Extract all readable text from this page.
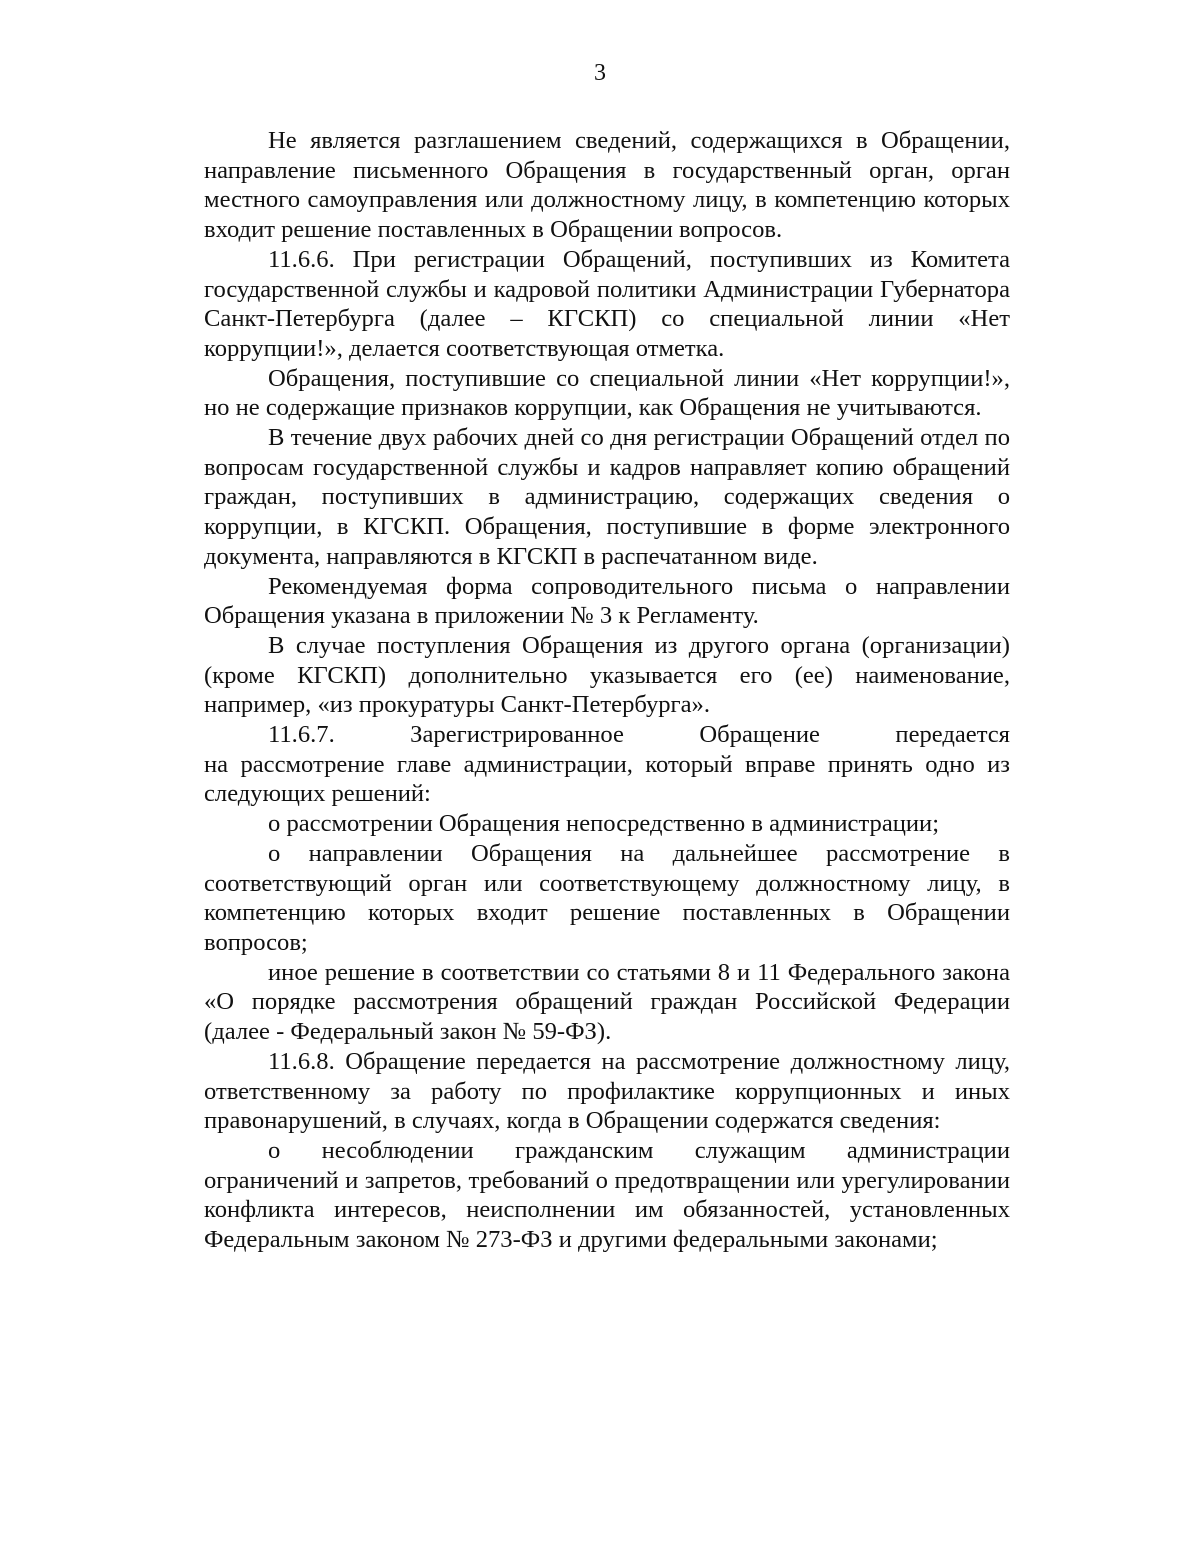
3

Не является разглашением сведений, содержащихся в Обращении, направление письменного Обращения в государственный орган, орган местного самоуправления или должностному лицу, в компетенцию которых входит решение поставленных в Обращении вопросов.

11.6.6. При регистрации Обращений, поступивших из Комитета государственной службы и кадровой политики Администрации Губернатора Санкт-Петербурга (далее – КГСКП) со специальной линии «Нет коррупции!», делается соответствующая отметка.

Обращения, поступившие со специальной линии «Нет коррупции!», но не содержащие признаков коррупции, как Обращения не учитываются.

В течение двух рабочих дней со дня регистрации Обращений отдел по вопросам государственной службы и кадров направляет копию обращений граждан, поступивших в администрацию, содержащих сведения о коррупции, в КГСКП. Обращения, поступившие в форме электронного документа, направляются в КГСКП в распечатанном виде.

Рекомендуемая форма сопроводительного письма о направлении Обращения указана в приложении № 3 к Регламенту.

В случае поступления Обращения из другого органа (организации) (кроме КГСКП) дополнительно указывается его (ее) наименование, например, «из прокуратуры Санкт-Петербурга».

11.6.7. Зарегистрированное Обращение передается

на рассмотрение главе администрации, который вправе принять одно из следующих решений:

о рассмотрении Обращения непосредственно в администрации;

о направлении Обращения на дальнейшее рассмотрение в соответствующий орган или соответствующему должностному лицу, в компетенцию которых входит решение поставленных в Обращении вопросов;

иное решение в соответствии со статьями 8 и 11 Федерального закона «О порядке рассмотрения обращений граждан Российской Федерации (далее - Федеральный закон № 59-ФЗ).

11.6.8. Обращение передается на рассмотрение должностному лицу, ответственному за работу по профилактике коррупционных и иных правонарушений, в случаях, когда в Обращении содержатся сведения:

о несоблюдении гражданским служащим администрации ограничений и запретов, требований о предотвращении или урегулировании конфликта интересов, неисполнении им обязанностей, установленных Федеральным законом № 273-ФЗ и другими федеральными законами;
